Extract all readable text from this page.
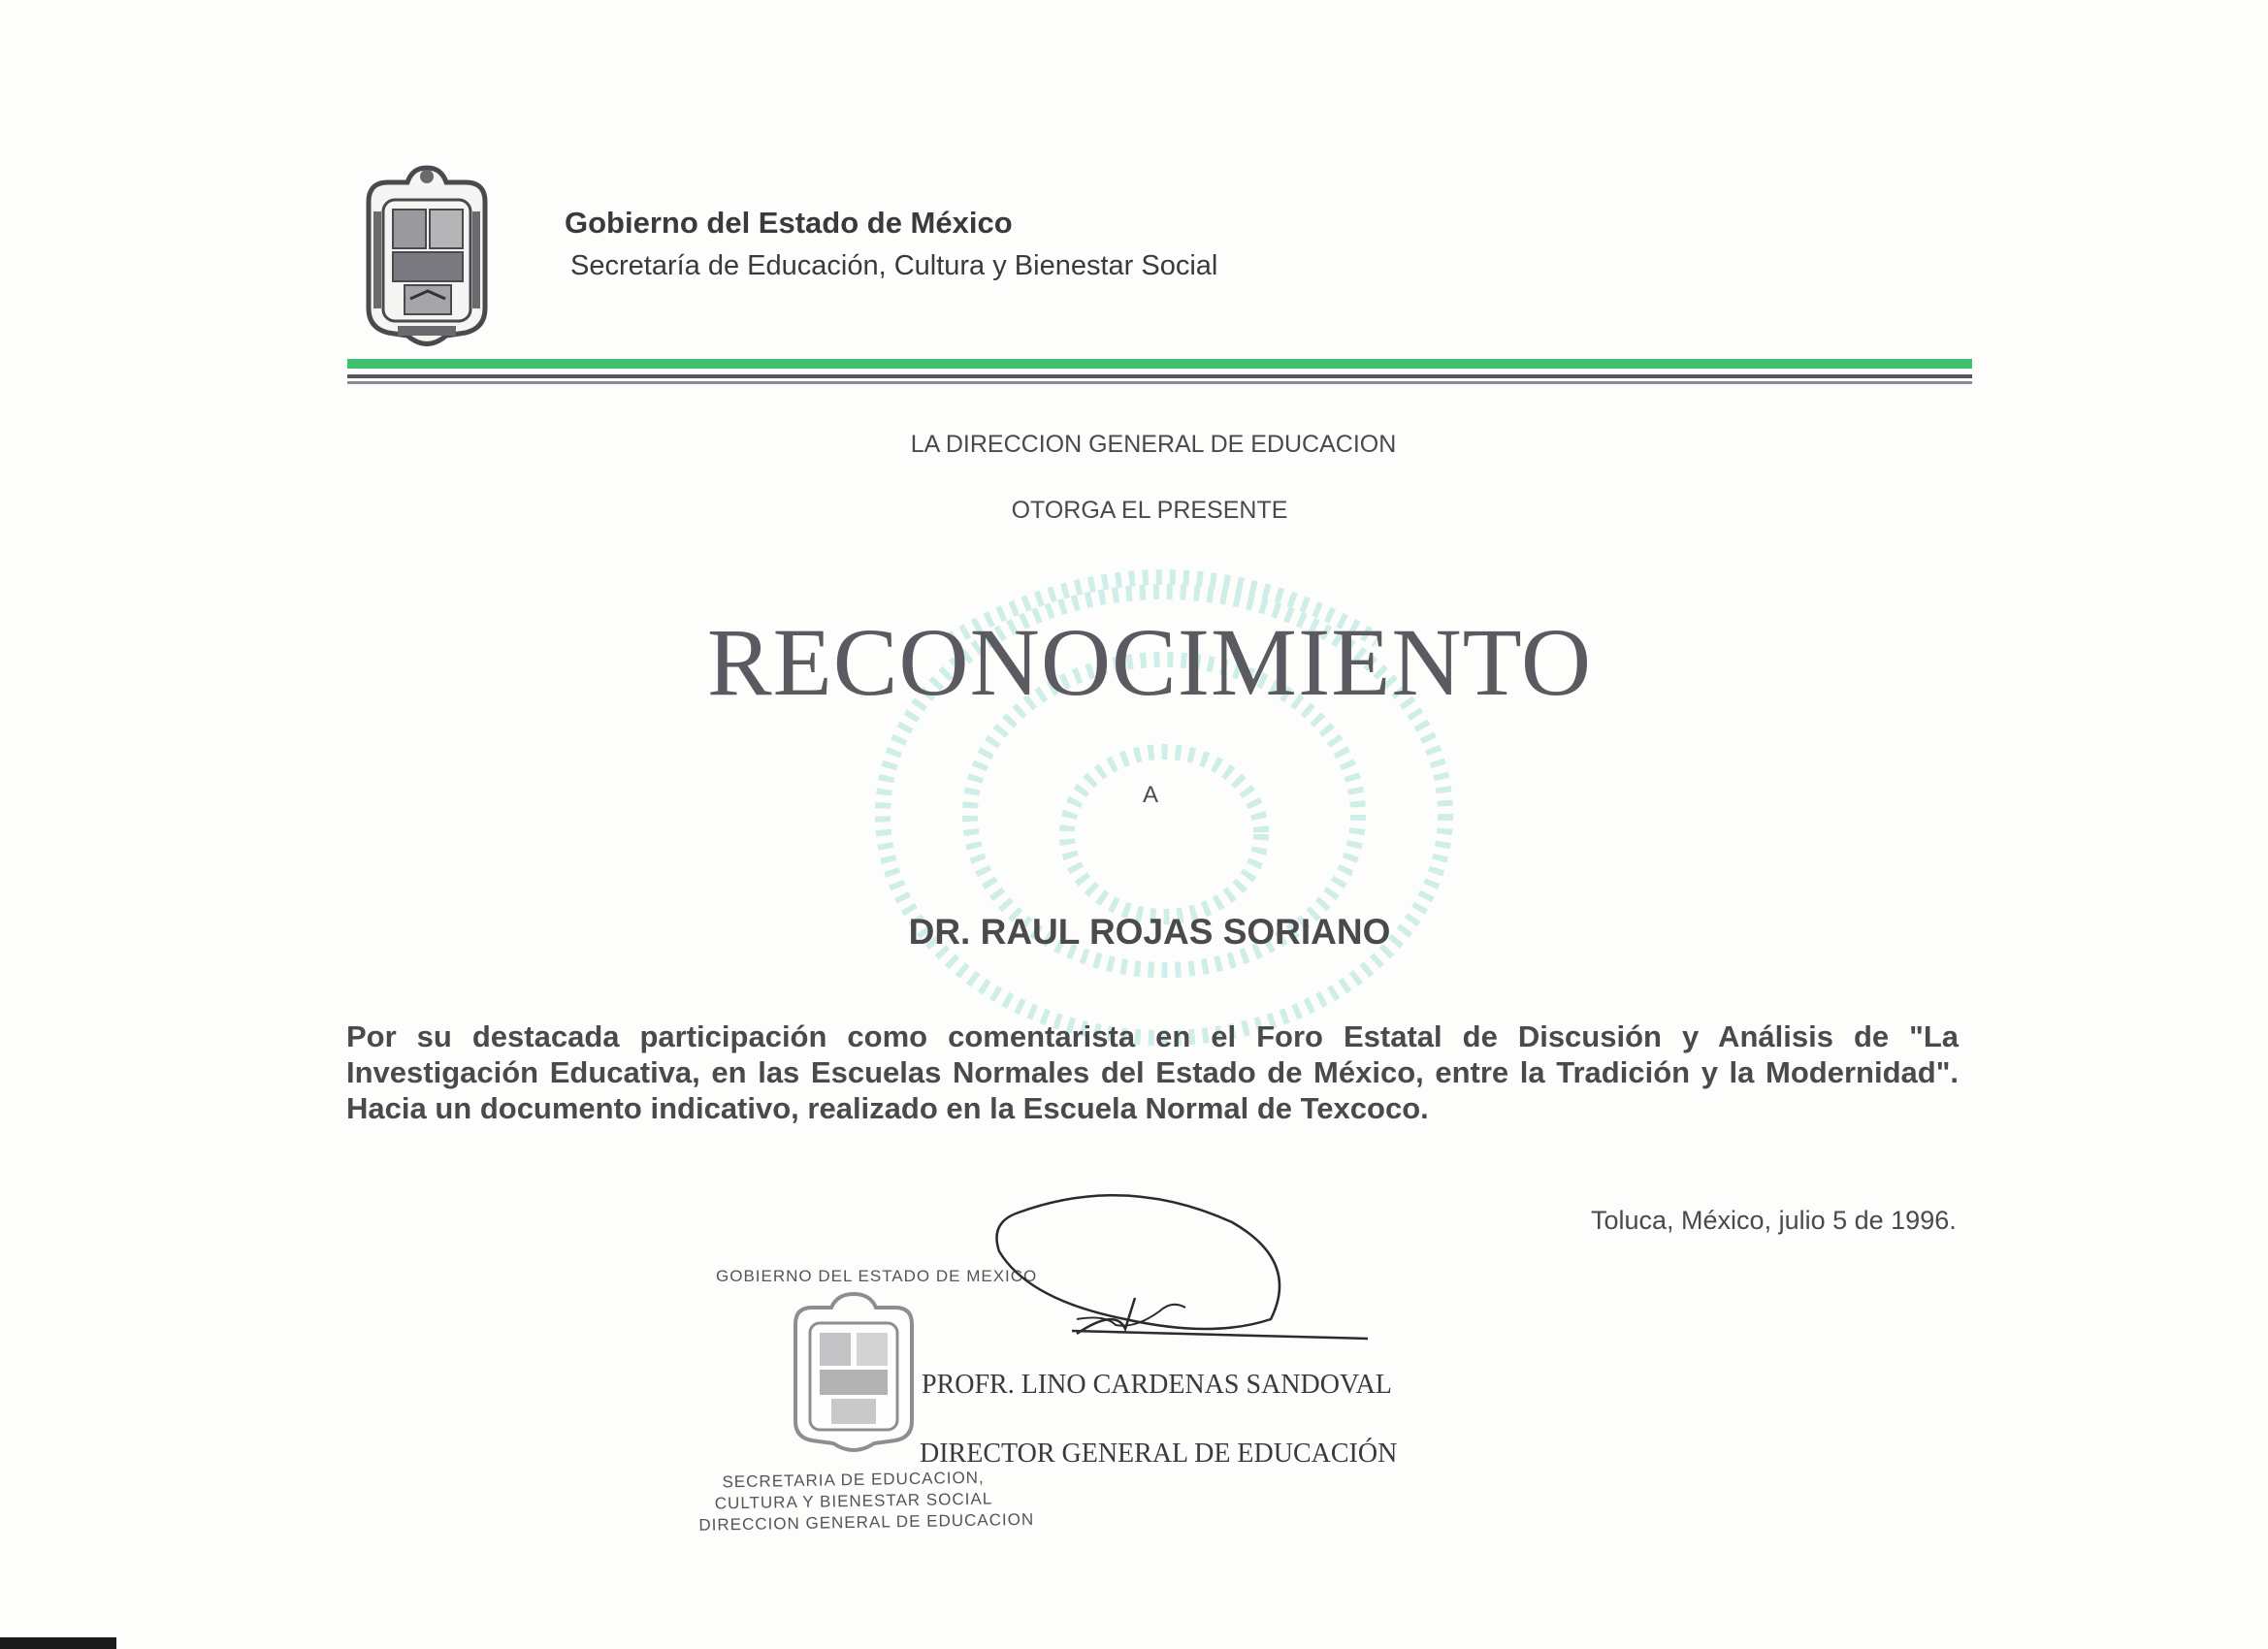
Gobierno del Estado de México
Secretaría de Educación, Cultura y Bienestar Social
LA DIRECCION GENERAL DE EDUCACION
OTORGA EL PRESENTE
RECONOCIMIENTO
A
DR. RAUL ROJAS SORIANO
Por su destacada participación como comentarista en el Foro Estatal de Discusión y Análisis de "La Investigación Educativa, en las Escuelas Normales del Estado de México, entre la Tradición y la Modernidad". Hacia un documento indicativo, realizado en la Escuela Normal de Texcoco.
Toluca, México, julio 5 de 1996.
GOBIERNO DEL ESTADO DE MEXICO
SECRETARIA DE EDUCACION,
CULTURA Y BIENESTAR SOCIAL
DIRECCION GENERAL DE EDUCACION
PROFR. LINO CARDENAS SANDOVAL
DIRECTOR GENERAL DE EDUCACIÓN
